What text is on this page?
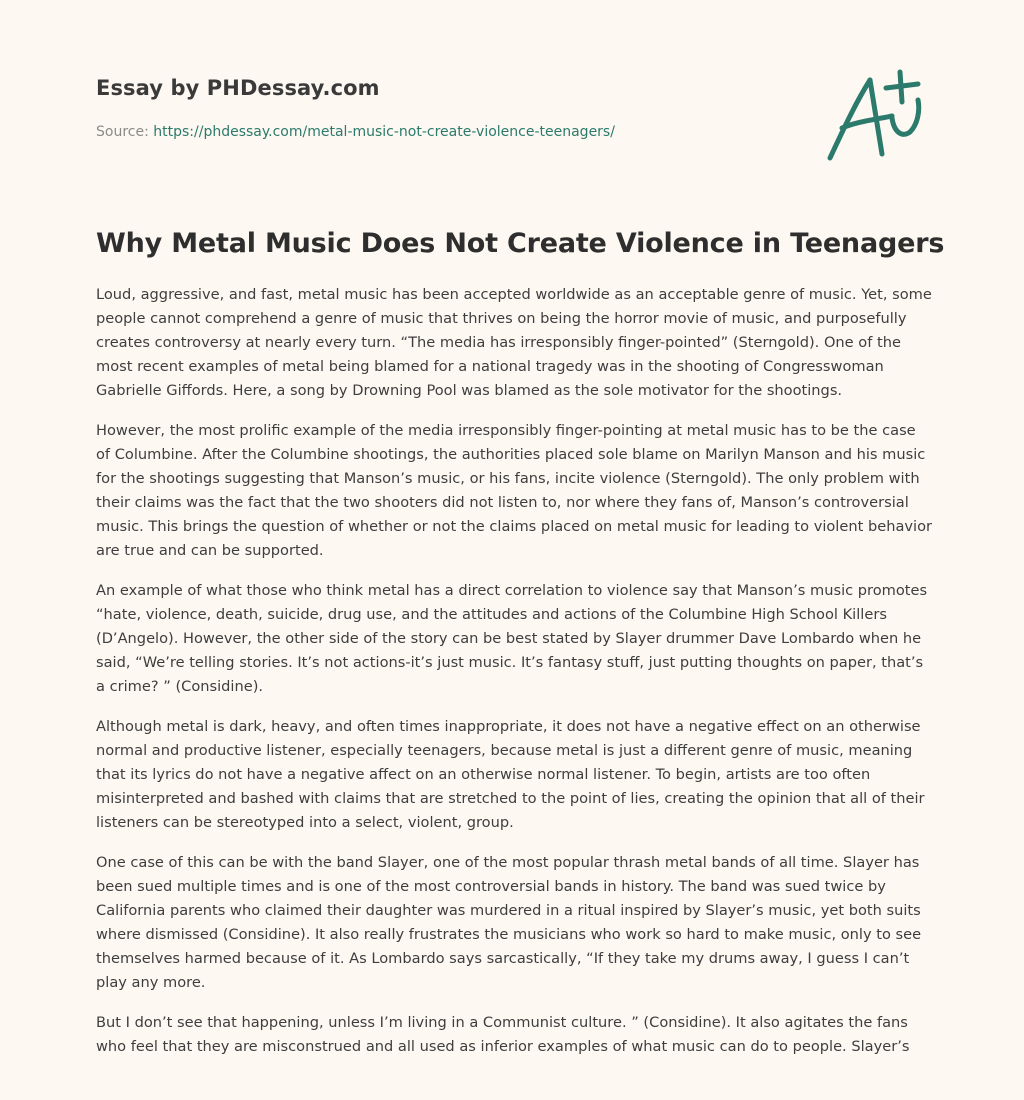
Essay by PHDessay.com
Source: https://phdessay.com/metal-music-not-create-violence-teenagers/
Why Metal Music Does Not Create Violence in Teenagers

Loud, aggressive, and fast, metal music has been accepted worldwide as an acceptable genre of music. Yet, some people cannot comprehend a genre of music that thrives on being the horror movie of music, and purposefully creates controversy at nearly every turn. “The media has irresponsibly finger-pointed” (Sterngold). One of the most recent examples of metal being blamed for a national tragedy was in the shooting of Congresswoman Gabrielle Giffords. Here, a song by Drowning Pool was blamed as the sole motivator for the shootings.

However, the most prolific example of the media irresponsibly finger-pointing at metal music has to be the case of Columbine. After the Columbine shootings, the authorities placed sole blame on Marilyn Manson and his music for the shootings suggesting that Manson’s music, or his fans, incite violence (Sterngold). The only problem with their claims was the fact that the two shooters did not listen to, nor where they fans of, Manson’s controversial music. This brings the question of whether or not the claims placed on metal music for leading to violent behavior are true and can be supported.

An example of what those who think metal has a direct correlation to violence say that Manson’s music promotes “hate, violence, death, suicide, drug use, and the attitudes and actions of the Columbine High School Killers (D’Angelo). However, the other side of the story can be best stated by Slayer drummer Dave Lombardo when he said, “We’re telling stories. It’s not actions-it’s just music. It’s fantasy stuff, just putting thoughts on paper, that’s a crime? ” (Considine).

Although metal is dark, heavy, and often times inappropriate, it does not have a negative effect on an otherwise normal and productive listener, especially teenagers, because metal is just a different genre of music, meaning that its lyrics do not have a negative affect on an otherwise normal listener. To begin, artists are too often misinterpreted and bashed with claims that are stretched to the point of lies, creating the opinion that all of their listeners can be stereotyped into a select, violent, group.

One case of this can be with the band Slayer, one of the most popular thrash metal bands of all time. Slayer has been sued multiple times and is one of the most controversial bands in history. The band was sued twice by California parents who claimed their daughter was murdered in a ritual inspired by Slayer’s music, yet both suits where dismissed (Considine). It also really frustrates the musicians who work so hard to make music, only to see themselves harmed because of it. As Lombardo says sarcastically, “If they take my drums away, I guess I can’t play any more.

But I don’t see that happening, unless I’m living in a Communist culture. ” (Considine). It also agitates the fans who feel that they are misconstrued and all used as inferior examples of what music can do to people. Slayer’s
